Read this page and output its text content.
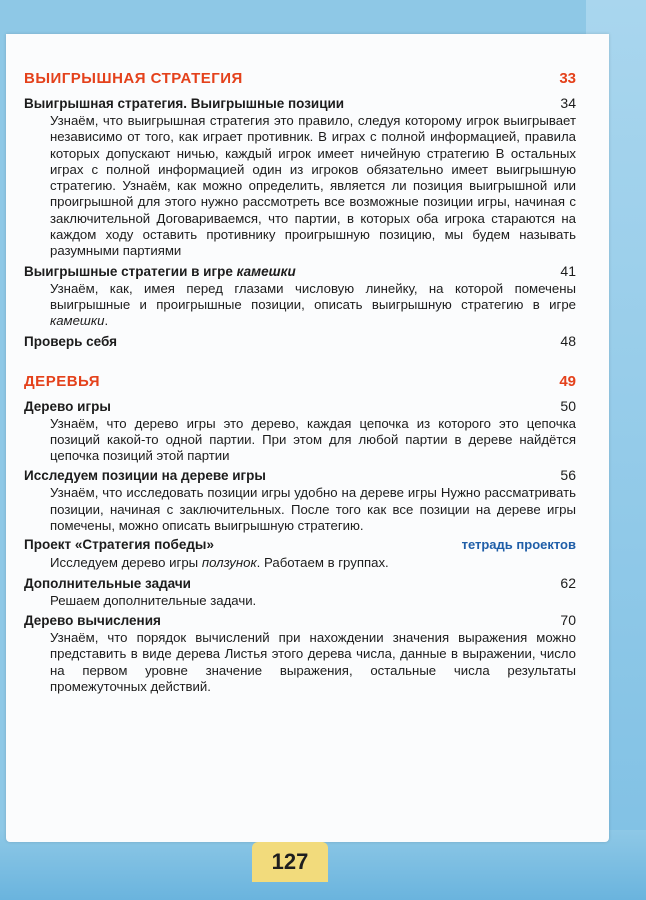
ВЫИГРЫШНАЯ СТРАТЕГИЯ	33
Выигрышная стратегия. Выигрышные позиции	34
Узнаём, что выигрышная стратегия это правило, следуя которому игрок выигрывает независимо от того, как играет противник. В играх с полной информацией, правила которых допускают ничью, каждый игрок имеет ничейную стратегию В остальных играх с полной информацией один из игроков обязательно имеет выигрышную стратегию. Узнаём, как можно определить, является ли позиция выигрышной или проигрышной для этого нужно рассмотреть все возможные позиции игры, начиная с заключительной Договариваемся, что партии, в которых оба игрока стараются на каждом ходу оставить противнику проигрышную позицию, мы будем называть разумными партиями
Выигрышные стратегии в игре камешки	41
Узнаём, как, имея перед глазами числовую линейку, на которой помечены выигрышные и проигрышные позиции, описать выигрышную стратегию в игре камешки.
Проверь себя	48
ДЕРЕВЬЯ	49
Дерево игры	50
Узнаём, что дерево игры это дерево, каждая цепочка из которого это цепочка позиций какой-то одной партии. При этом для любой партии в дереве найдётся цепочка позиций этой партии
Исследуем позиции на дереве игры	56
Узнаём, что исследовать позиции игры удобно на дереве игры Нужно рассматривать позиции, начиная с заключительных. После того как все позиции на дереве игры помечены, можно описать выигрышную стратегию.
Проект «Стратегия победы»	тетрадь проектов
Исследуем дерево игры ползунок. Работаем в группах.
Дополнительные задачи	62
Решаем дополнительные задачи.
Дерево вычисления	70
Узнаём, что порядок вычислений при нахождении значения выражения можно представить в виде дерева Листья этого дерева числа, данные в выражении, число на первом уровне значение выражения, остальные числа результаты промежуточных действий.
127
